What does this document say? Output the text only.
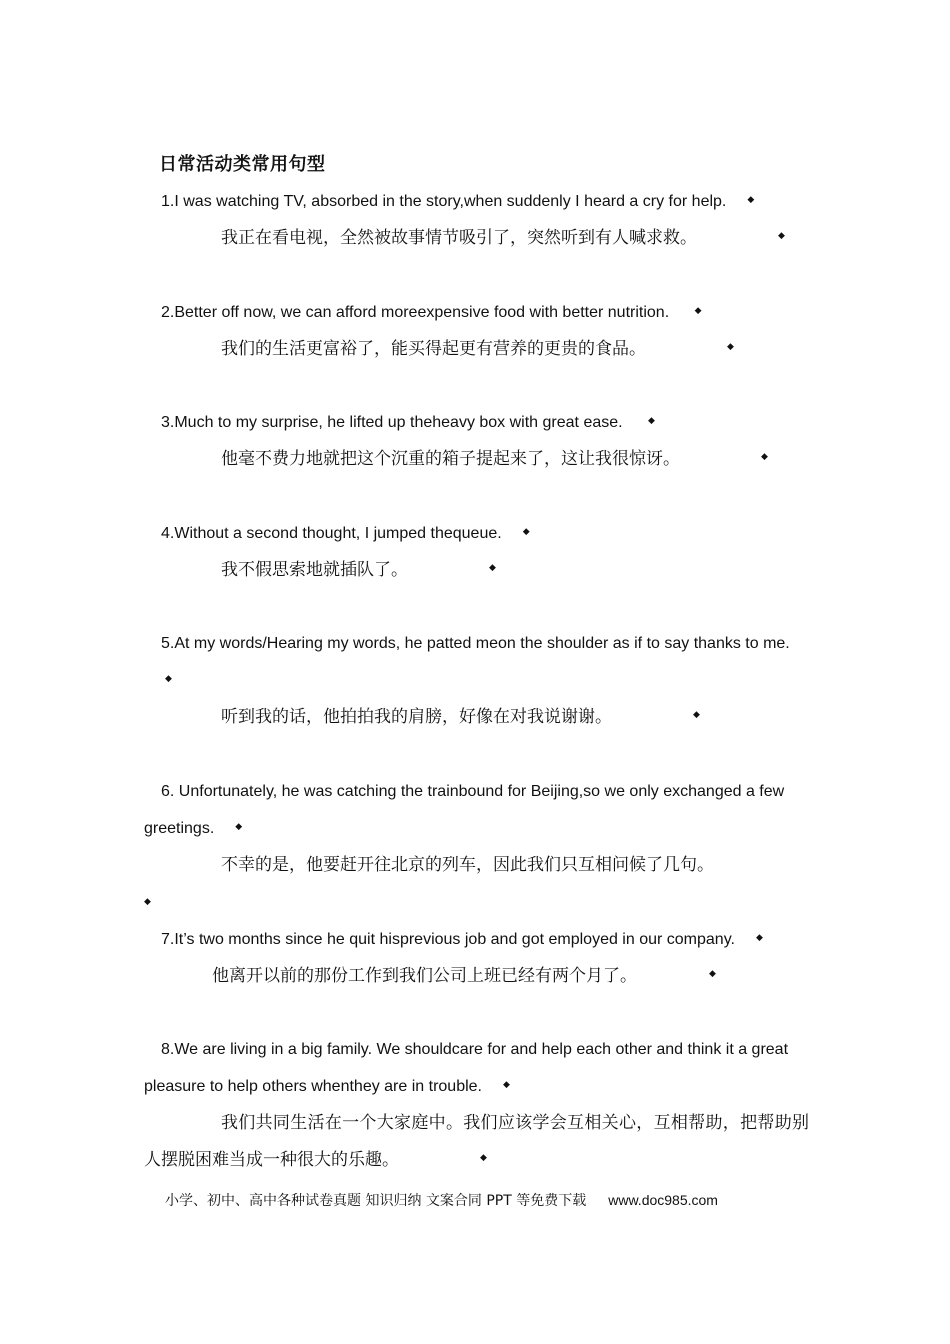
日常活动类常用句型
1.I was watching TV, absorbed in the story,when suddenly I heard a cry for help. ◆
我正在看电视，全然被故事情节吸引了，突然听到有人喊求救。	◆
2.Better off now, we can afford moreexpensive food with better nutrition. ◆
我们的生活更富裕了，能买得起更有营养的更贵的食品。	◆
3.Much to my surprise, he lifted up theheavy box with great ease. ◆
他毫不费力地就把这个沉重的箱子提起来了，这让我很惊讶。	◆
4.Without a second thought, I jumped thequeue. ◆
我不假思索地就插队了。	◆
5.At my words/Hearing my words, he patted meon the shoulder as if to say thanks to me.◆
听到我的话，他拍拍我的肩膀，好像在对我说谢谢。	◆
6. Unfortunately, he was catching the trainbound for Beijing,so we only exchanged a few greetings. ◆
不幸的是，他要赶开往北京的列车，因此我们只互相问候了几句。
◆
7.It’s two months since he quit hisprevious job and got employed in our company. ◆
他离开以前的那份工作到我们公司上班已经有两个月了。	◆
8.We are living in a big family. We shouldcare for and help each other and think it a great pleasure to help others whenthey are in trouble. ◆
我们共同生活在一个大家庭中。我们应该学会互相关心，互相帮助，把帮助别人摆脱困难当成一种很大的乐趣。	◆
小学、初中、高中各种试卷真题 知识归纳 文案合同 PPT 等免费下载 www.doc985.com
